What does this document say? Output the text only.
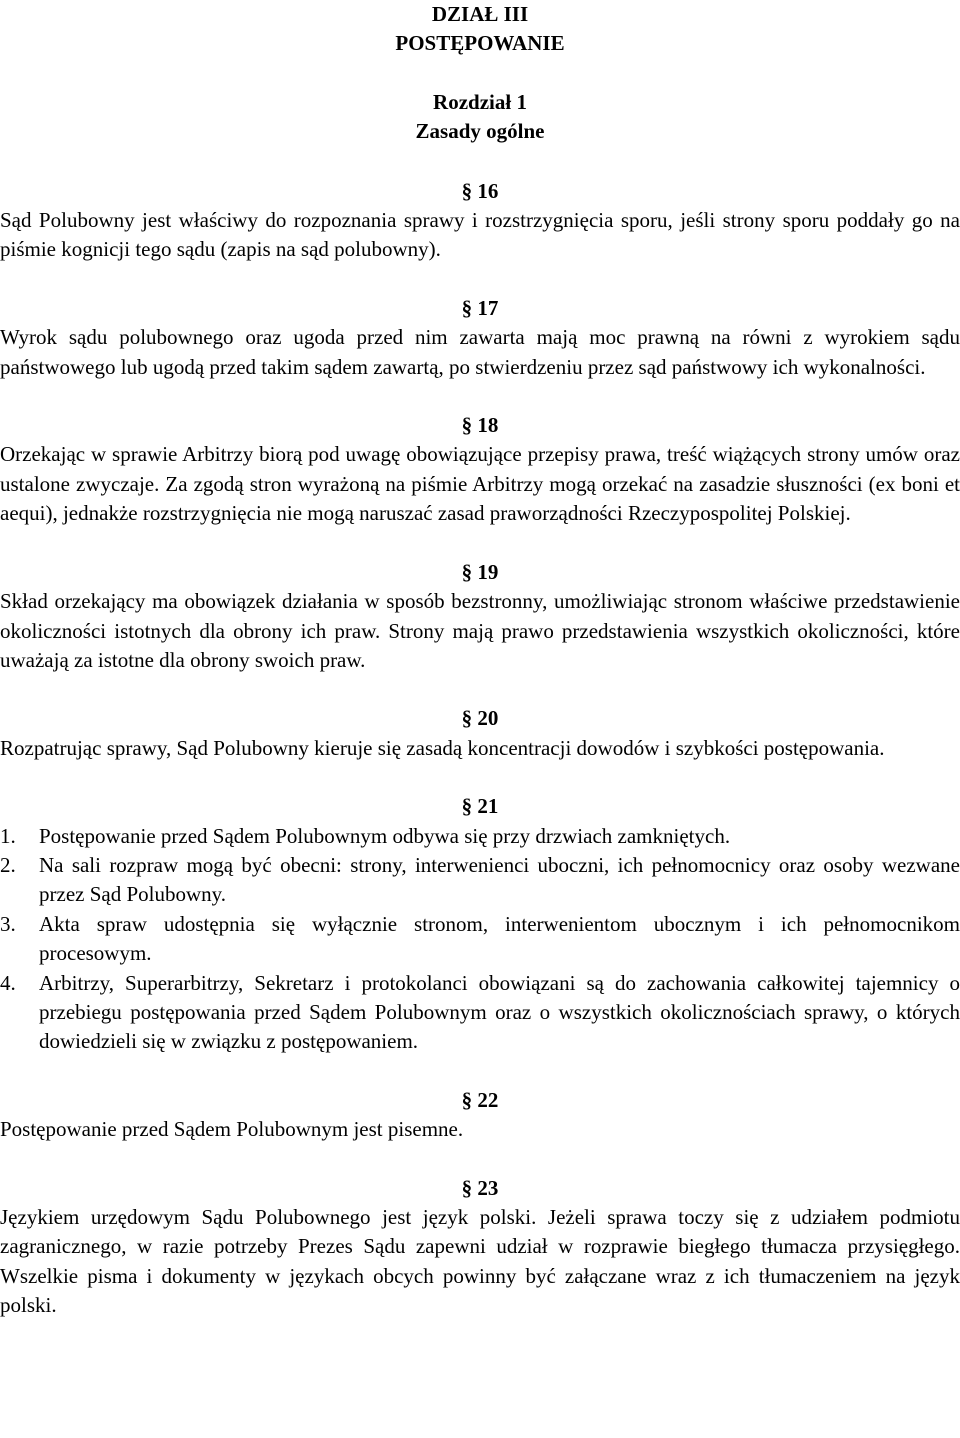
DZIAŁ III
POSTĘPOWANIE
Rozdział 1
Zasady ogólne

§ 16

Sąd Polubowny jest właściwy do rozpoznania sprawy i rozstrzygnięcia sporu, jeśli strony sporu poddały go na piśmie kognicji tego sądu (zapis na sąd polubowny).

§ 17

Wyrok sądu polubownego oraz ugoda przed nim zawarta mają moc prawną na równi z wyrokiem sądu państwowego lub ugodą przed takim sądem zawartą, po stwierdzeniu przez sąd państwowy ich wykonalności.

§ 18

Orzekając w sprawie Arbitrzy biorą pod uwagę obowiązujące przepisy prawa, treść wiążących strony umów oraz ustalone zwyczaje. Za zgodą stron wyrażoną na piśmie Arbitrzy mogą orzekać na zasadzie słuszności (ex boni et aequi), jednakże rozstrzygnięcia nie mogą naruszać zasad praworządności Rzeczypospolitej Polskiej.

§ 19

Skład orzekający ma obowiązek działania w sposób bezstronny, umożliwiając stronom właściwe przedstawienie okoliczności istotnych dla obrony ich praw. Strony mają prawo przedstawienia wszystkich okoliczności, które uważają za istotne dla obrony swoich praw.

§ 20

Rozpatrując sprawy, Sąd Polubowny kieruje się zasadą koncentracji dowodów i szybkości postępowania.

§ 21

1.	Postępowanie przed Sądem Polubownym odbywa się przy drzwiach zamkniętych.
2.	Na sali rozpraw mogą być obecni: strony, interwenienci uboczni, ich pełnomocnicy oraz osoby wezwane przez Sąd Polubowny.
3.	Akta spraw udostępnia się wyłącznie stronom, interwenientom ubocznym i ich pełnomocnikom procesowym.
4.	Arbitrzy, Superarbitrzy, Sekretarz i protokolanci obowiązani są do zachowania całkowitej tajemnicy o przebiegu postępowania przed Sądem Polubownym oraz o wszystkich okolicznościach sprawy, o których dowiedzieli się w związku z postępowaniem.

§ 22

Postępowanie przed Sądem Polubownym jest pisemne.

§ 23

Językiem urzędowym Sądu Polubownego jest język polski. Jeżeli sprawa toczy się z udziałem podmiotu zagranicznego, w razie potrzeby Prezes Sądu zapewni udział w rozprawie biegłego tłumacza przysięgłego. Wszelkie pisma i dokumenty w językach obcych powinny być załączane wraz z ich tłumaczeniem na język polski.
